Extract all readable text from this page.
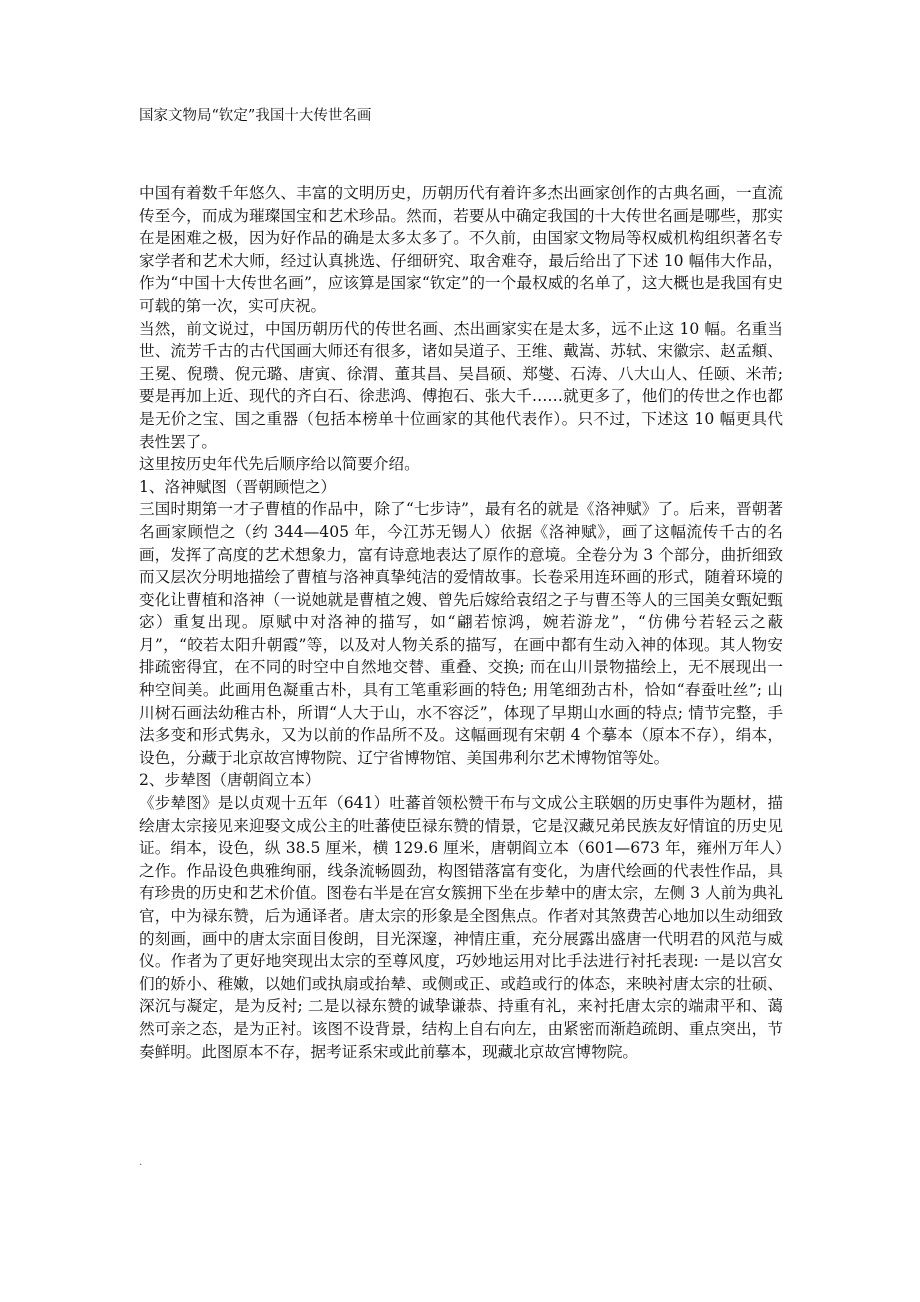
国家文物局“钦定”我国十大传世名画

中国有着数千年悠久、丰富的文明历史，历朝历代有着许多杰出画家创作的古典名画，一直流传至今，而成为璀璨国宝和艺术珍品。然而，若要从中确定我国的十大传世名画是哪些，那实在是困难之极，因为好作品的确是太多太多了。不久前，由国家文物局等权威机构组织著名专家学者和艺术大师，经过认真挑选、仔细研究、取舍难夺，最后给出了下述 10 幅伟大作品，作为“中国十大传世名画”，应该算是国家“钦定”的一个最权威的名单了，这大概也是我国有史可载的第一次，实可庆祝。

当然，前文说过，中国历朝历代的传世名画、杰出画家实在是太多，远不止这 10 幅。名重当世、流芳千古的古代国画大师还有很多，诸如吴道子、王维、戴嵩、苏轼、宋徽宗、赵孟頫、王冕、倪瓒、倪元璐、唐寅、徐渭、董其昌、吴昌硕、郑燮、石涛、八大山人、任颐、米芾; 要是再加上近、现代的齐白石、徐悲鸿、傅抱石、张大千……就更多了，他们的传世之作也都是无价之宝、国之重器（包括本榜单十位画家的其他代表作）。只不过，下述这 10 幅更具代表性罢了。

这里按历史年代先后顺序给以简要介绍。

1、洛神赋图（晋朝顾恺之）

三国时期第一才子曹植的作品中，除了“七步诗”，最有名的就是《洛神赋》了。后来，晋朝著名画家顾恺之（约 344—405 年，今江苏无锡人）依据《洛神赋》，画了这幅流传千古的名画，发挥了高度的艺术想象力，富有诗意地表达了原作的意境。全卷分为 3 个部分，曲折细致而又层次分明地描绘了曹植与洛神真挚纯洁的爱情故事。长卷采用连环画的形式，随着环境的变化让曹植和洛神（一说她就是曹植之嫂、曾先后嫁给袁绍之子与曹丕等人的三国美女甄妃甄宓）重复出现。原赋中对洛神的描写，如“翩若惊鸿，婉若游龙”，“仿佛兮若轻云之蔽月”，“皎若太阳升朝霞”等，以及对人物关系的描写，在画中都有生动入神的体现。其人物安排疏密得宜，在不同的时空中自然地交替、重叠、交换; 而在山川景物描绘上，无不展现出一种空间美。此画用色凝重古朴，具有工笔重彩画的特色; 用笔细劲古朴，恰如“春蚕吐丝”; 山川树石画法幼稚古朴，所谓“人大于山，水不容泛”，体现了早期山水画的特点; 情节完整，手法多变和形式隽永，又为以前的作品所不及。这幅画现有宋朝 4 个摹本（原本不存），绢本，设色，分藏于北京故宫博物院、辽宁省博物馆、美国弗利尔艺术博物馆等处。

2、步辇图（唐朝阎立本）

《步辇图》是以贞观十五年（641）吐蕃首领松赞干布与文成公主联姻的历史事件为题材，描绘唐太宗接见来迎娶文成公主的吐蕃使臣禄东赞的情景，它是汉藏兄弟民族友好情谊的历史见证。绢本，设色，纵 38.5 厘米，横 129.6 厘米，唐朝阎立本（601—673 年，雍州万年人）之作。作品设色典雅绚丽，线条流畅圆劲，构图错落富有变化，为唐代绘画的代表性作品，具有珍贵的历史和艺术价值。图卷右半是在宫女簇拥下坐在步辇中的唐太宗，左侧 3 人前为典礼官，中为禄东赞，后为通译者。唐太宗的形象是全图焦点。作者对其煞费苦心地加以生动细致的刻画，画中的唐太宗面目俊朗，目光深邃，神情庄重，充分展露出盛唐一代明君的风范与威仪。作者为了更好地突现出太宗的至尊风度，巧妙地运用对比手法进行衬托表现: 一是以宫女们的娇小、稚嫩，以她们或执扇或抬辇、或侧或正、或趋或行的体态，来映衬唐太宗的壮硕、深沉与凝定，是为反衬; 二是以禄东赞的诚挚谦恭、持重有礼，来衬托唐太宗的端肃平和、蔼然可亲之态，是为正衬。该图不设背景，结构上自右向左，由紧密而渐趋疏朗、重点突出，节奏鲜明。此图原本不存，据考证系宋或此前摹本，现藏北京故宫博物院。

.
